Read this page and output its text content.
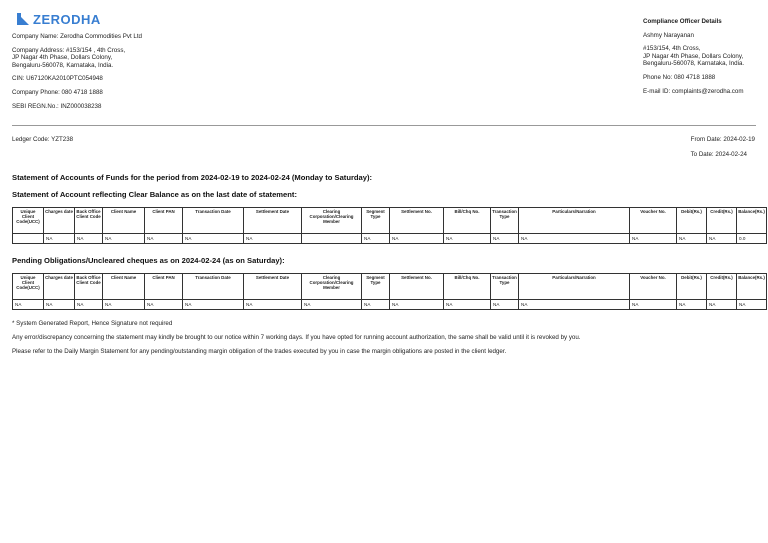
ZERODHA
Company Name: Zerodha Commodities Pvt Ltd
Company Address: #153/154 , 4th Cross,
JP Nagar 4th Phase, Dollars Colony,
Bengaluru-560078, Karnataka, India.
CIN: U67120KA2010PTC054948
Company Phone: 080 4718 1888
SEBI REGN.No.: INZ000038238
Compliance Officer Details
Ashmy Narayanan
#153/154, 4th Cross,
JP Nagar 4th Phase, Dollars Colony,
Bengaluru-560078, Karnataka, India.
Phone No: 080 4718 1888
E-mail ID: complaints@zerodha.com
Ledger Code: YZT238	From Date: 2024-02-19
To Date: 2024-02-24
Statement of Accounts of Funds for the period from 2024-02-19 to 2024-02-24 (Monday to Saturday):
Statement of Account reflecting Clear Balance as on the last date of statement:
Unique Client Code(UCC)	Charges date	Back Office Client Code	Client Name	Client PAN	Transaction Date	Settlement Date	Clearing Corporation/Clearing Member	Segment Type	Settlement No.	Bill/Chq No.	Transaction Type	Particulars/Narration	Voucher No.	Debit(Rs.)	Credit(Rs.)	Balance(Rs.)
	NA	NA	NA	NA	NA	NA		NA	NA	NA	NA	NA	NA	NA	NA	0.0
Pending Obligations/Uncleared cheques as on 2024-02-24 (as on Saturday):
Unique Client Code(UCC)	Charges date	Back Office Client Code	Client Name	Client PAN	Transaction Date	Settlement Date	Clearing Corporation/Clearing Member	Segment Type	Settlement No.	Bill/Chq No.	Transaction Type	Particulars/Narration	Voucher No.	Debit(Rs.)	Credit(Rs.)	Balance(Rs.)
NA	NA	NA	NA	NA	NA	NA	NA	NA	NA	NA	NA	NA	NA	NA	NA	NA
* System Generated Report, Hence Signature not required
Any error/discrepancy concerning the statement may kindly be brought to our notice within 7 working days. If you have opted for running account authorization, the same shall be valid until it is revoked by you.
Please refer to the Daily Margin Statement for any pending/outstanding margin obligation of the trades executed by you in case the margin obligations are posted in the client ledger.
